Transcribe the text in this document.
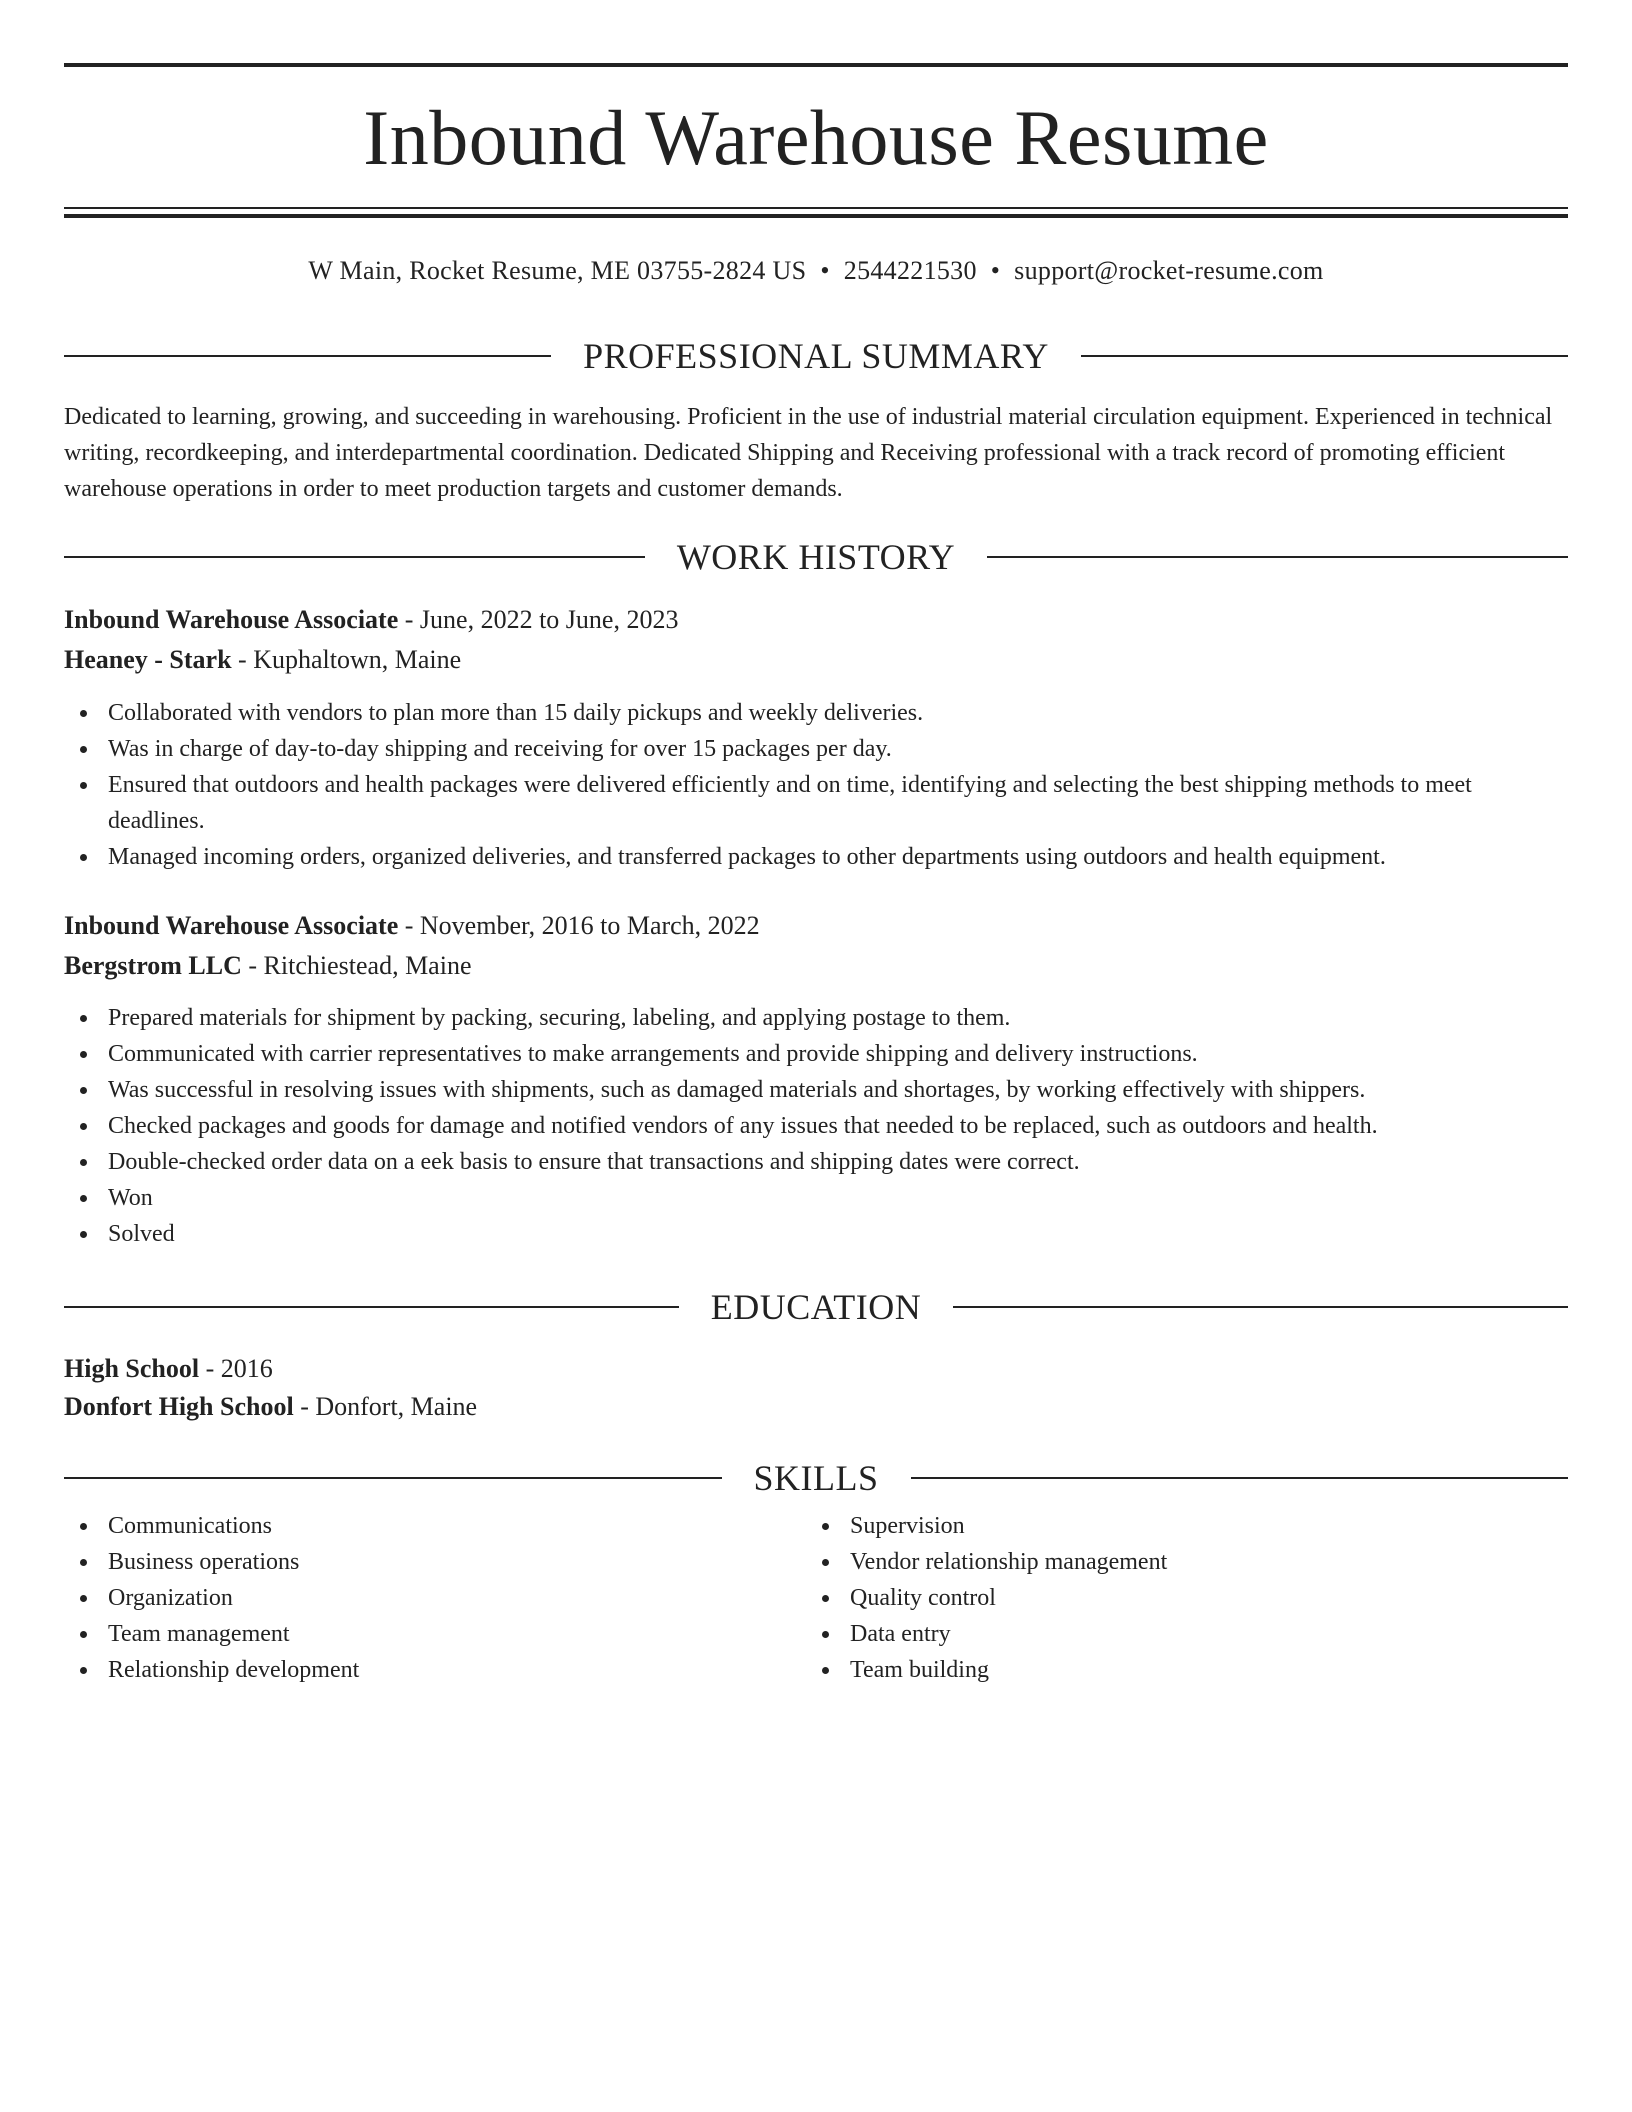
Inbound Warehouse Resume
W Main, Rocket Resume, ME 03755-2824 US • 2544221530 • support@rocket-resume.com
PROFESSIONAL SUMMARY

Dedicated to learning, growing, and succeeding in warehousing. Proficient in the use of industrial material circulation equipment. Experienced in technical writing, recordkeeping, and interdepartmental coordination. Dedicated Shipping and Receiving professional with a track record of promoting efficient warehouse operations in order to meet production targets and customer demands.

WORK HISTORY
Inbound Warehouse Associate - June, 2022 to June, 2023
Heaney - Stark - Kuphaltown, Maine
Collaborated with vendors to plan more than 15 daily pickups and weekly deliveries.
Was in charge of day-to-day shipping and receiving for over 15 packages per day.
Ensured that outdoors and health packages were delivered efficiently and on time, identifying and selecting the best shipping methods to meet deadlines.
Managed incoming orders, organized deliveries, and transferred packages to other departments using outdoors and health equipment.
Inbound Warehouse Associate - November, 2016 to March, 2022
Bergstrom LLC - Ritchiestead, Maine
Prepared materials for shipment by packing, securing, labeling, and applying postage to them.
Communicated with carrier representatives to make arrangements and provide shipping and delivery instructions.
Was successful in resolving issues with shipments, such as damaged materials and shortages, by working effectively with shippers.
Checked packages and goods for damage and notified vendors of any issues that needed to be replaced, such as outdoors and health.
Double-checked order data on a eek basis to ensure that transactions and shipping dates were correct.
Won
Solved
EDUCATION
High School - 2016
Donfort High School - Donfort, Maine
SKILLS
Communications
Business operations
Organization
Team management
Relationship development
Supervision
Vendor relationship management
Quality control
Data entry
Team building
